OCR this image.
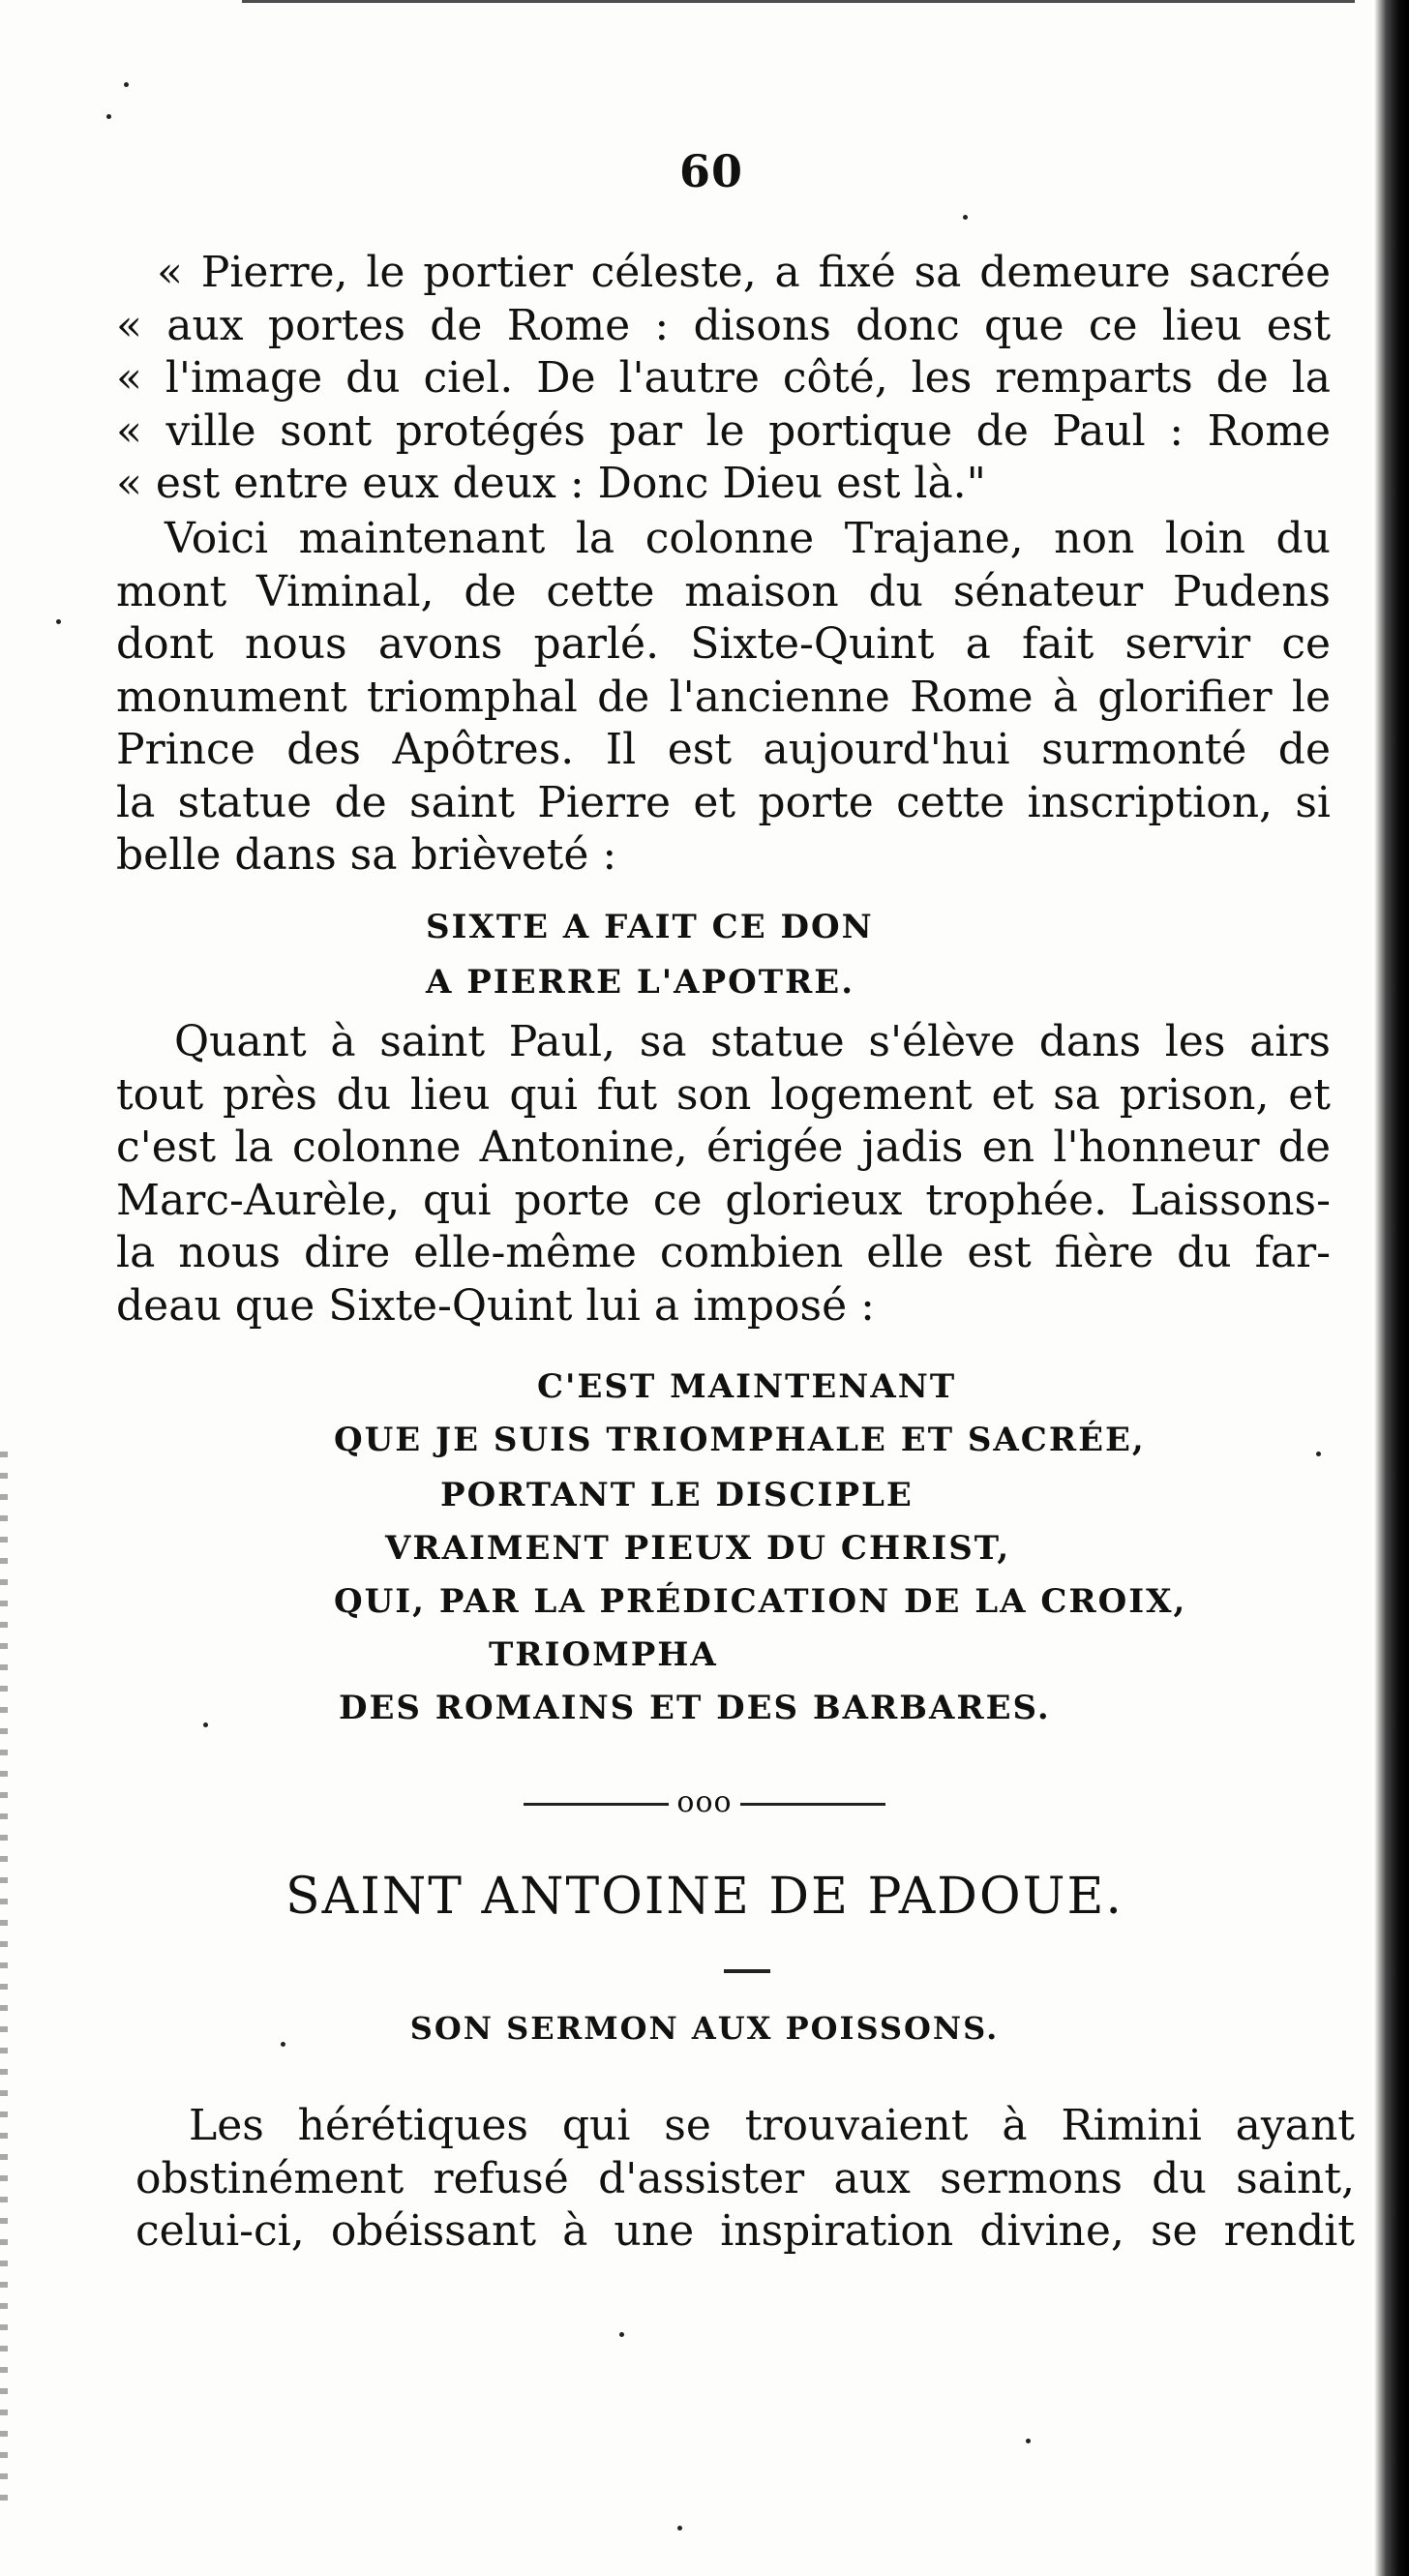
60
« Pierre, le portier céleste, a fixé sa demeure sacrée
« aux portes de Rome : disons donc que ce lieu est
« l'image du ciel. De l'autre côté, les remparts de la
« ville sont protégés par le portique de Paul : Rome
« est entre eux deux : Donc Dieu est là."
Voici maintenant la colonne Trajane, non loin du
mont Viminal, de cette maison du sénateur Pudens
dont nous avons parlé. Sixte-Quint a fait servir ce
monument triomphal de l'ancienne Rome à glorifier le
Prince des Apôtres. Il est aujourd'hui surmonté de
la statue de saint Pierre et porte cette inscription, si
belle dans sa brièveté :
SIXTE A FAIT CE DON
A PIERRE L'APOTRE.
Quant à saint Paul, sa statue s'élève dans les airs
tout près du lieu qui fut son logement et sa prison, et
c'est la colonne Antonine, érigée jadis en l'honneur de
Marc-Aurèle, qui porte ce glorieux trophée. Laissons-
la nous dire elle-même combien elle est fière du far-
deau que Sixte-Quint lui a imposé :
C'EST MAINTENANT
QUE JE SUIS TRIOMPHALE ET SACRÉE,
PORTANT LE DISCIPLE
VRAIMENT PIEUX DU CHRIST,
QUI, PAR LA PRÉDICATION DE LA CROIX,
TRIOMPHA
DES ROMAINS ET DES BARBARES.
ooo
SAINT ANTOINE DE PADOUE.
SON SERMON AUX POISSONS.
Les hérétiques qui se trouvaient à Rimini ayant
obstinément refusé d'assister aux sermons du saint,
celui-ci, obéissant à une inspiration divine, se rendit
